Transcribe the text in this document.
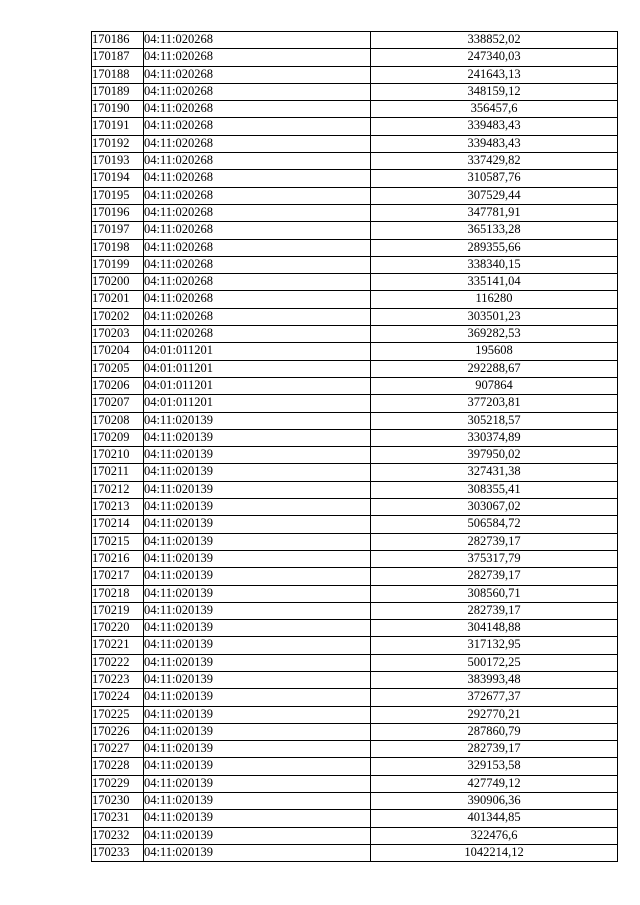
170186	04:11:020268	338852,02
170187	04:11:020268	247340,03
170188	04:11:020268	241643,13
170189	04:11:020268	348159,12
170190	04:11:020268	356457,6
170191	04:11:020268	339483,43
170192	04:11:020268	339483,43
170193	04:11:020268	337429,82
170194	04:11:020268	310587,76
170195	04:11:020268	307529,44
170196	04:11:020268	347781,91
170197	04:11:020268	365133,28
170198	04:11:020268	289355,66
170199	04:11:020268	338340,15
170200	04:11:020268	335141,04
170201	04:11:020268	116280
170202	04:11:020268	303501,23
170203	04:11:020268	369282,53
170204	04:01:011201	195608
170205	04:01:011201	292288,67
170206	04:01:011201	907864
170207	04:01:011201	377203,81
170208	04:11:020139	305218,57
170209	04:11:020139	330374,89
170210	04:11:020139	397950,02
170211	04:11:020139	327431,38
170212	04:11:020139	308355,41
170213	04:11:020139	303067,02
170214	04:11:020139	506584,72
170215	04:11:020139	282739,17
170216	04:11:020139	375317,79
170217	04:11:020139	282739,17
170218	04:11:020139	308560,71
170219	04:11:020139	282739,17
170220	04:11:020139	304148,88
170221	04:11:020139	317132,95
170222	04:11:020139	500172,25
170223	04:11:020139	383993,48
170224	04:11:020139	372677,37
170225	04:11:020139	292770,21
170226	04:11:020139	287860,79
170227	04:11:020139	282739,17
170228	04:11:020139	329153,58
170229	04:11:020139	427749,12
170230	04:11:020139	390906,36
170231	04:11:020139	401344,85
170232	04:11:020139	322476,6
170233	04:11:020139	1042214,12
